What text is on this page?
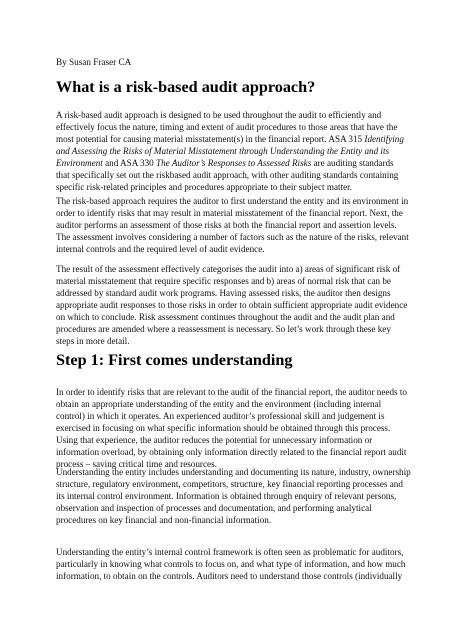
By Susan Fraser CA
What is a risk-based audit approach?

A risk-based audit approach is designed to be used throughout the audit to efficiently and
effectively focus the nature, timing and extent of audit procedures to those areas that have the
most potential for causing material misstatement(s) in the financial report. ASA 315 Identifying
and Assessing the Risks of Material Misstatement through Understanding the Entity and its
Environment and ASA 330 The Auditor’s Responses to Assessed Risks are auditing standards
that specifically set out the riskbased audit approach, with other auditing standards containing
specific risk-related principles and procedures appropriate to their subject matter.

The risk-based approach requires the auditor to first understand the entity and its environment in
order to identify risks that may result in material misstatement of the financial report. Next, the
auditor performs an assessment of those risks at both the financial report and assertion levels.
The assessment involves considering a number of factors such as the nature of the risks, relevant
internal controls and the required level of audit evidence.

The result of the assessment effectively categorises the audit into a) areas of significant risk of
material misstatement that require specific responses and b) areas of normal risk that can be
addressed by standard audit work programs. Having assessed risks, the auditor then designs
appropriate audit responses to those risks in order to obtain sufficient appropriate audit evidence
on which to conclude. Risk assessment continues throughout the audit and the audit plan and
procedures are amended where a reassessment is necessary. So let’s work through these key
steps in more detail.

Step 1: First comes understanding

In order to identify risks that are relevant to the audit of the financial report, the auditor needs to
obtain an appropriate understanding of the entity and the environment (including internal
control) in which it operates. An experienced auditor’s professional skill and judgement is
exercised in focusing on what specific information should be obtained through this process.
Using that experience, the auditor reduces the potential for unnecessary information or
information overload, by obtaining only information directly related to the financial report audit
process – saving critical time and resources.

Understanding the entity includes understanding and documenting its nature, industry, ownership
structure, regulatory environment, competitors, structure, key financial reporting processes and
its internal control environment. Information is obtained through enquiry of relevant persons,
observation and inspection of processes and documentation, and performing analytical
procedures on key financial and non-financial information.

Understanding the entity’s internal control framework is often seen as problematic for auditors,
particularly in knowing what controls to focus on, and what type of information, and how much
information, to obtain on the controls. Auditors need to understand those controls (individually
